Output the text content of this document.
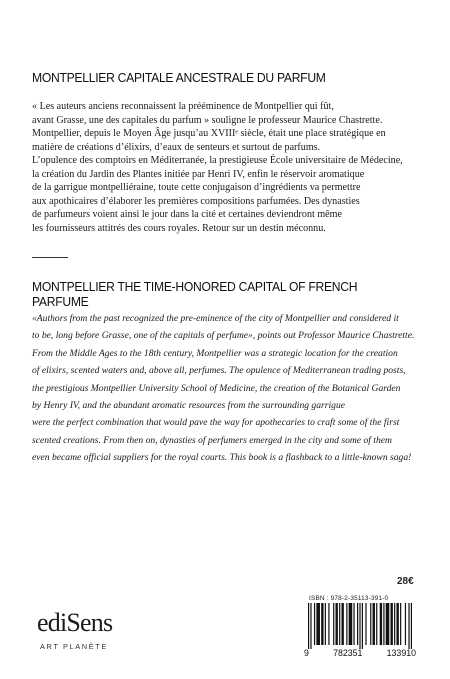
MONTPELLIER CAPITALE ANCESTRALE DU PARFUM
« Les auteurs anciens reconnaissent la prééminence de Montpellier qui fût,
avant Grasse, une des capitales du parfum » souligne le professeur Maurice Chastrette.
Montpellier, depuis le Moyen Âge jusqu’au XVIIIᵉ siècle, était une place stratégique en
matière de créations d’élixirs, d’eaux de senteurs et surtout de parfums.
L’opulence des comptoirs en Méditerranée, la prestigieuse École universitaire de Médecine,
la création du Jardin des Plantes initiée par Henri IV, enfin le réservoir aromatique
de la garrigue montpelliéraine, toute cette conjugaison d’ingrédients va permettre
aux apothicaires d’élaborer les premières compositions parfumées. Des dynasties
de parfumeurs voient ainsi le jour dans la cité et certaines deviendront même
les fournisseurs attitrés des cours royales. Retour sur un destin méconnu.
MONTPELLIER THE TIME-HONORED CAPITAL OF FRENCH PARFUME
«Authors from the past recognized the pre-eminence of the city of Montpellier and considered it
to be, long before Grasse, one of the capitals of perfume», points out Professor Maurice Chastrette.
From the Middle Ages to the 18th century, Montpellier was a strategic location for the creation
of elixirs, scented waters and, above all, perfumes. The opulence of Mediterranean trading posts,
the prestigious Montpellier University School of Medicine, the creation of the Botanical Garden
by Henry IV, and the abundant aromatic resources from the surrounding garrigue
were the perfect combination that would pave the way for apothecaries to craft some of the first
scented creations. From then on, dynasties of perfumers emerged in the city and some of them
even became official suppliers for the royal courts. This book is a flashback to a little-known saga!
ediSens
ART PLANÈTE
28€
ISBN : 978-2-35113-391-0
9	782351	133910
